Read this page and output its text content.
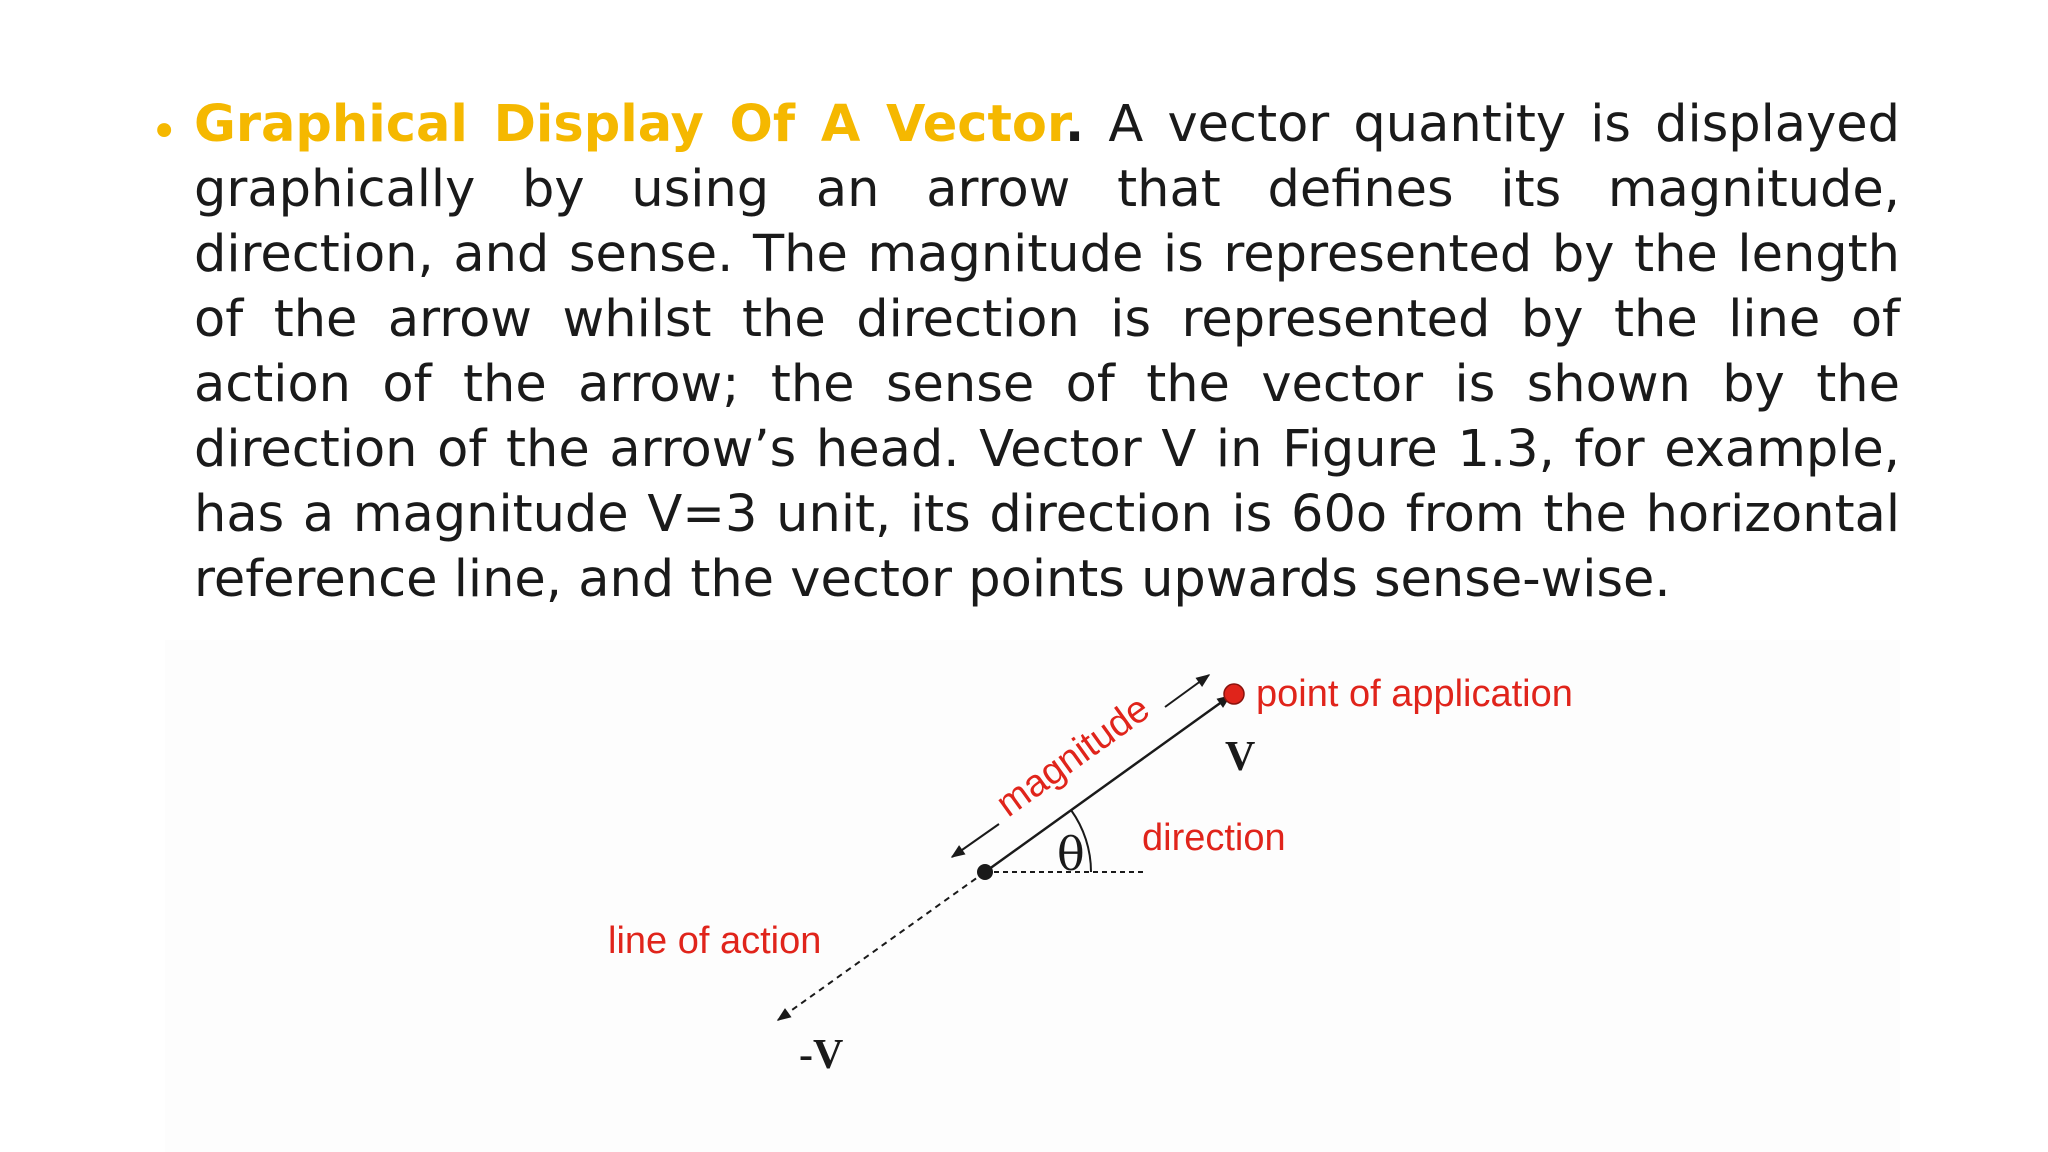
• Graphical Display Of A Vector. A vector quantity is displayed graphically by using an arrow that defines its magnitude, direction, and sense. The magnitude is represented by the length of the arrow whilst the direction is represented by the line of action of the arrow; the sense of the vector is shown by the direction of the arrow’s head. Vector V in Figure 1.3, for example, has a magnitude V=3 unit, its direction is 60o from the horizontal reference line, and the vector points upwards sense-wise.
point of application
V
magnitude
direction
θ
line of action
-V
